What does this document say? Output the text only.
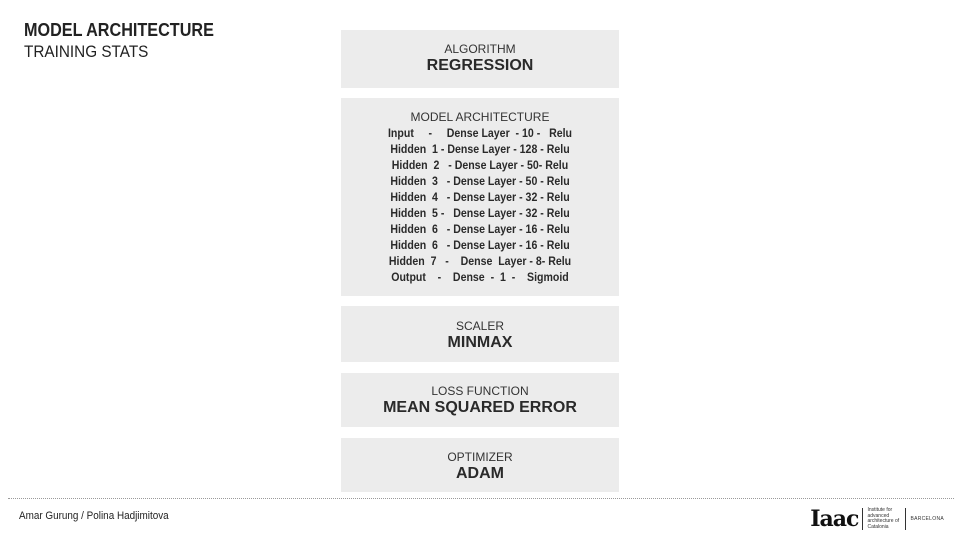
MODEL ARCHITECTURE
TRAINING STATS	ALGORITHM
REGRESSION
MODEL ARCHITECTURE
Input     -     Dense Layer  - 10 -   Relu
Hidden  1 - Dense Layer - 128 - Relu
Hidden  2   - Dense Layer - 50- Relu
Hidden  3   - Dense Layer - 50 - Relu
Hidden  4   - Dense Layer - 32 - Relu
Hidden  5 -   Dense Layer - 32 - Relu
Hidden  6   - Dense Layer - 16 - Relu
Hidden  6   - Dense Layer - 16 - Relu
Hidden  7   -    Dense  Layer - 8- Relu
Output    -    Dense  -  1  -    Sigmoid
SCALER
MINMAX
LOSS FUNCTION
MEAN SQUARED ERROR
OPTIMIZER
ADAM
Amar Gurung / Polina Hadjimitova	Iaac Institute for advanced architecture of Catalonia
BARCELONA
